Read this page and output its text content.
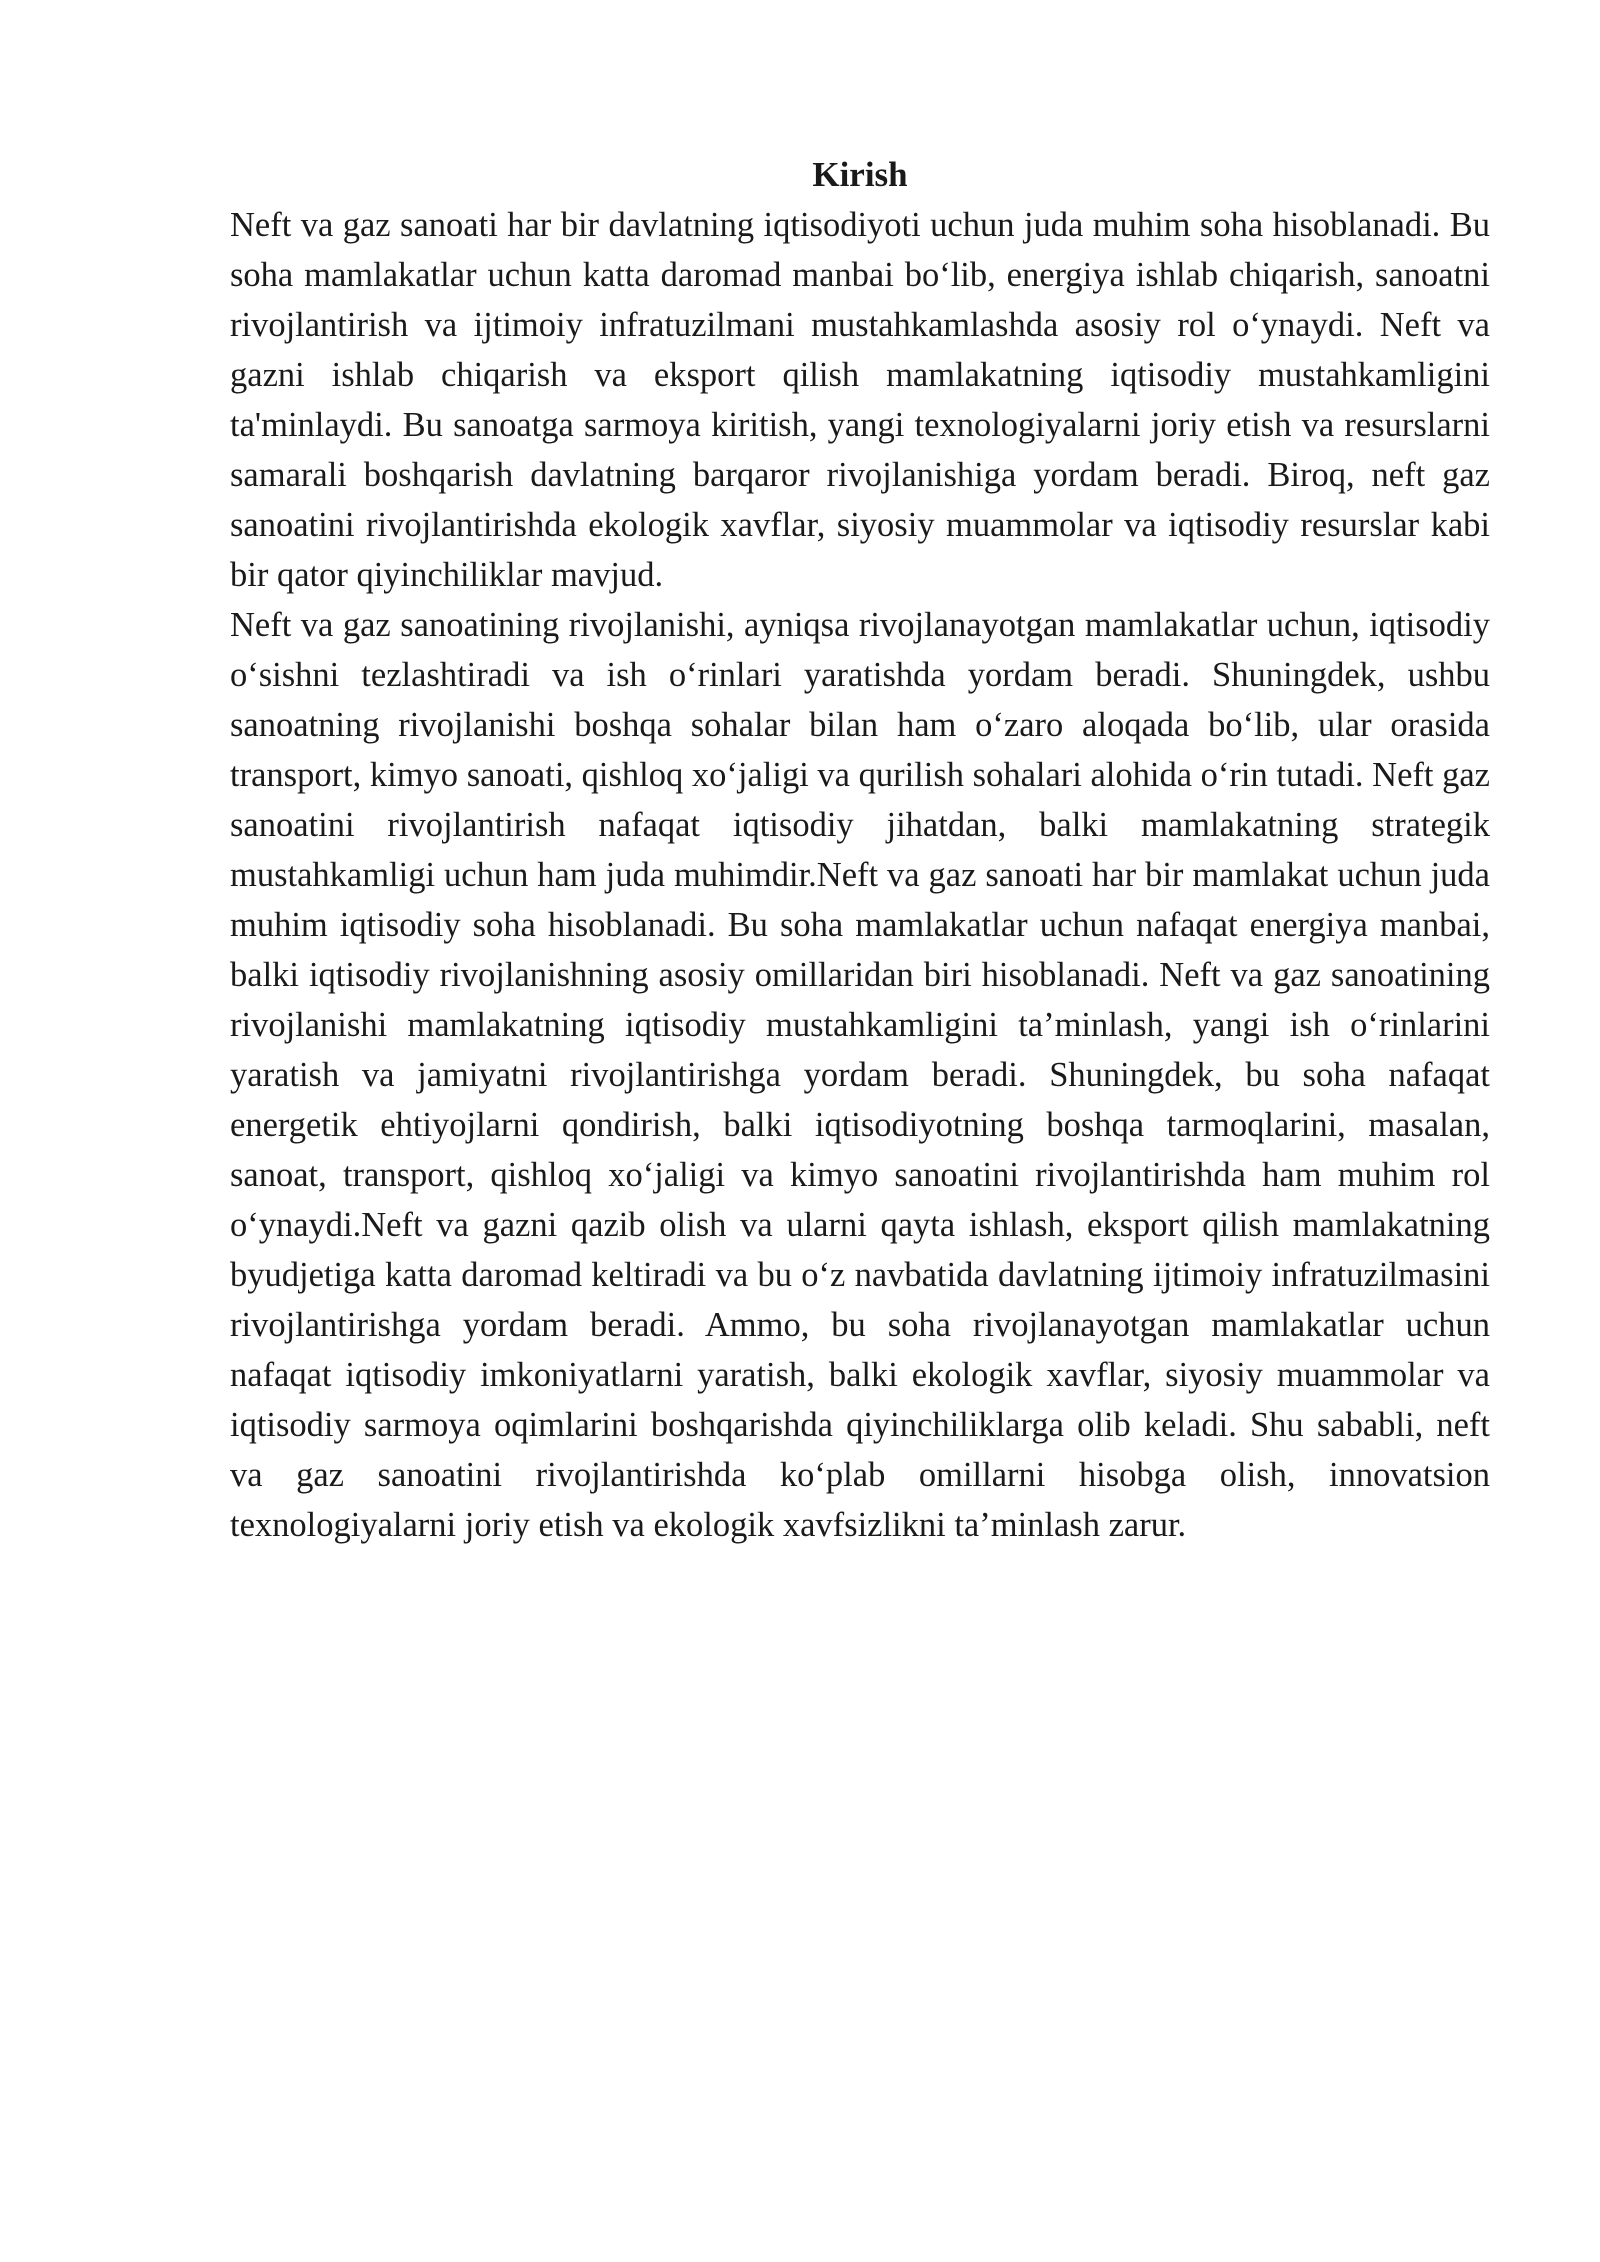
Kirish

Neft va gaz sanoati har bir davlatning iqtisodiyoti uchun juda muhim soha hisoblanadi. Bu soha mamlakatlar uchun katta daromad manbai bo‘lib, energiya ishlab chiqarish, sanoatni rivojlantirish va ijtimoiy infratuzilmani mustahkamlashda asosiy rol o‘ynaydi. Neft va gazni ishlab chiqarish va eksport qilish mamlakatning iqtisodiy mustahkamligini ta'minlaydi. Bu sanoatga sarmoya kiritish, yangi texnologiyalarni joriy etish va resurslarni samarali boshqarish davlatning barqaror rivojlanishiga yordam beradi. Biroq, neft gaz sanoatini rivojlantirishda ekologik xavflar, siyosiy muammolar va iqtisodiy resurslar kabi bir qator qiyinchiliklar mavjud.

Neft va gaz sanoatining rivojlanishi, ayniqsa rivojlanayotgan mamlakatlar uchun, iqtisodiy o‘sishni tezlashtiradi va ish o‘rinlari yaratishda yordam beradi. Shuningdek, ushbu sanoatning rivojlanishi boshqa sohalar bilan ham o‘zaro aloqada bo‘lib, ular orasida transport, kimyo sanoati, qishloq xo‘jaligi va qurilish sohalari alohida o‘rin tutadi. Neft gaz sanoatini rivojlantirish nafaqat iqtisodiy jihatdan, balki mamlakatning strategik mustahkamligi uchun ham juda muhimdir.Neft va gaz sanoati har bir mamlakat uchun juda muhim iqtisodiy soha hisoblanadi. Bu soha mamlakatlar uchun nafaqat energiya manbai, balki iqtisodiy rivojlanishning asosiy omillaridan biri hisoblanadi. Neft va gaz sanoatining rivojlanishi mamlakatning iqtisodiy mustahkamligini ta’minlash, yangi ish o‘rinlarini yaratish va jamiyatni rivojlantirishga yordam beradi. Shuningdek, bu soha nafaqat energetik ehtiyojlarni qondirish, balki iqtisodiyotning boshqa tarmoqlarini, masalan, sanoat, transport, qishloq xo‘jaligi va kimyo sanoatini rivojlantirishda ham muhim rol o‘ynaydi.Neft va gazni qazib olish va ularni qayta ishlash, eksport qilish mamlakatning byudjetiga katta daromad keltiradi va bu o‘z navbatida davlatning ijtimoiy infratuzilmasini rivojlantirishga yordam beradi. Ammo, bu soha rivojlanayotgan mamlakatlar uchun nafaqat iqtisodiy imkoniyatlarni yaratish, balki ekologik xavflar, siyosiy muammolar va iqtisodiy sarmoya oqimlarini boshqarishda qiyinchiliklarga olib keladi. Shu sababli, neft va gaz sanoatini rivojlantirishda ko‘plab omillarni hisobga olish, innovatsion texnologiyalarni joriy etish va ekologik xavfsizlikni ta’minlash zarur.
